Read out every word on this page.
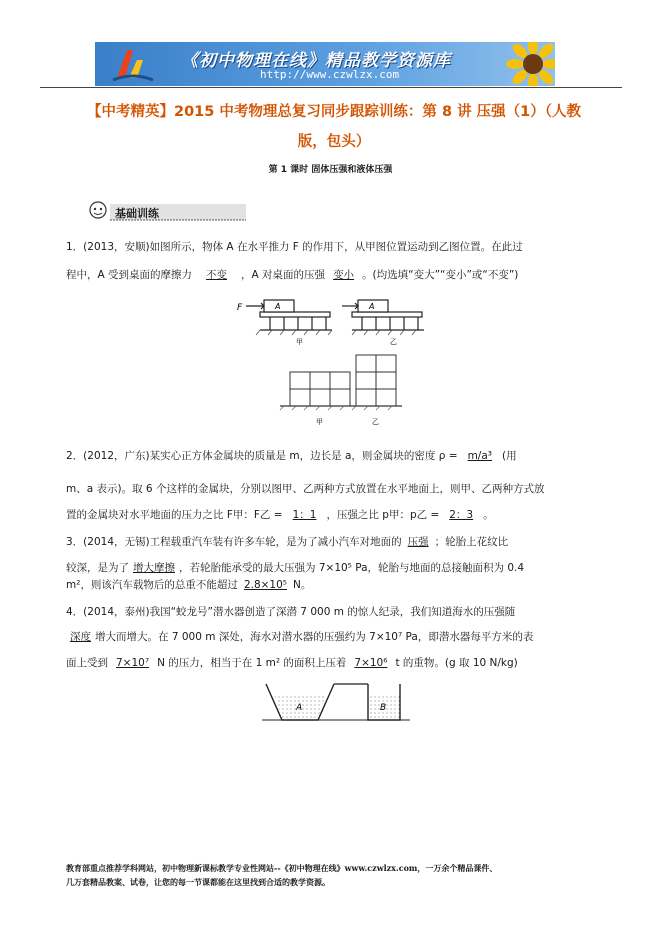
《初中物理在线》精品教学资源库
http://www.czwlzx.com
【中考精英】2015 中考物理总复习同步跟踪训练：第 8 讲 压强（1）（人教
版，包头）
第 1 课时 固体压强和液体压强
基础训练
1．(2013，安顺)如图所示，物体 A 在水平推力 F 的作用下，从甲图位置运动到乙图位置。在此过
程中，A 受到桌面的摩擦力 不变 ，A 对桌面的压强 变小 。(均选填“变大”“变小”或“不变”)
F	A	A
甲	乙
甲	乙
2．(2012，广东)某实心正方体金属块的质量是 m，边长是 a，则金属块的密度 ρ = m/a³ (用
m、a 表示)。取 6 个这样的金属块，分别以图甲、乙两种方式放置在水平地面上，则甲、乙两种方式放
置的金属块对水平地面的压力之比 F甲：F乙 = 1：1 ，压强之比 p甲：p乙 = 2：3 。
3．(2014，无锡)工程载重汽车装有许多车轮，是为了减小汽车对地面的 压强 ；轮胎上花纹比
较深，是为了 增大摩擦 ，若轮胎能承受的最大压强为 7×10⁵ Pa，轮胎与地面的总接触面积为 0.4
m²，则该汽车载物后的总重不能超过 2.8×10⁵ N。
4．(2014，泰州)我国“蛟龙号”潜水器创造了深潜 7 000 m 的惊人纪录，我们知道海水的压强随
深度 增大而增大。在 7 000 m 深处，海水对潜水器的压强约为 7×10⁷ Pa，即潜水器每平方米的表
面上受到 7×10⁷ N 的压力，相当于在 1 m² 的面积上压着 7×10⁶ t 的重物。(g 取 10 N/kg)
A	B
教育部重点推荐学科网站，初中物理新课标教学专业性网站--《初中物理在线》www.czwlzx.com，一万余个精品课件、
几万套精品教案、试卷，让您的每一节课都能在这里找到合适的教学资源。
